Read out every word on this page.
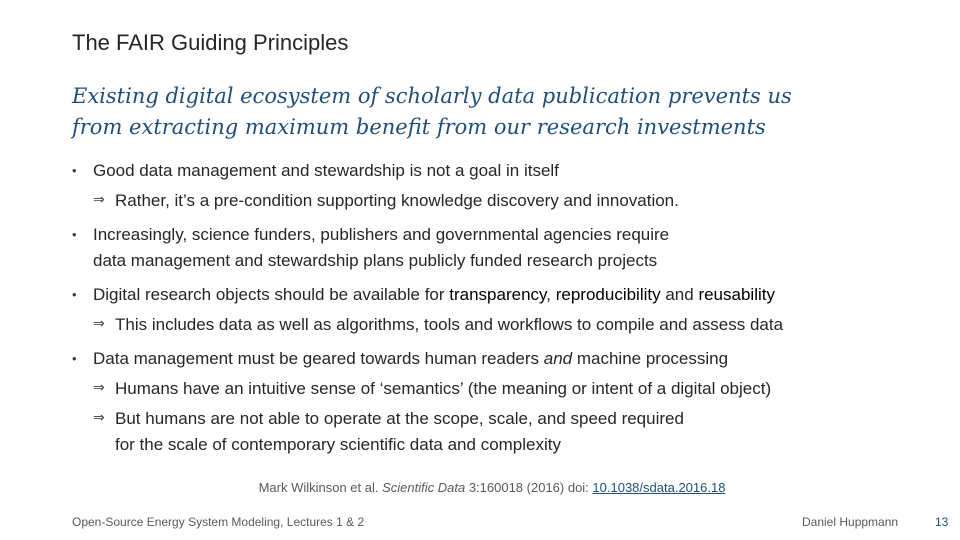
The FAIR Guiding Principles
Existing digital ecosystem of scholarly data publication prevents us
from extracting maximum benefit from our research investments
• Good data management and stewardship is not a goal in itself
⇒ Rather, it’s a pre-condition supporting knowledge discovery and innovation.
• Increasingly, science funders, publishers and governmental agencies require
data management and stewardship plans publicly funded research projects
• Digital research objects should be available for transparency, reproducibility and reusability
⇒ This includes data as well as algorithms, tools and workflows to compile and assess data
• Data management must be geared towards human readers and machine processing
⇒ Humans have an intuitive sense of ‘semantics’ (the meaning or intent of a digital object)
⇒ But humans are not able to operate at the scope, scale, and speed required
for the scale of contemporary scientific data and complexity
Mark Wilkinson et al. Scientific Data 3:160018 (2016) doi: 10.1038/sdata.2016.18
Open-Source Energy System Modeling, Lectures 1 & 2	Daniel Huppmann	13
